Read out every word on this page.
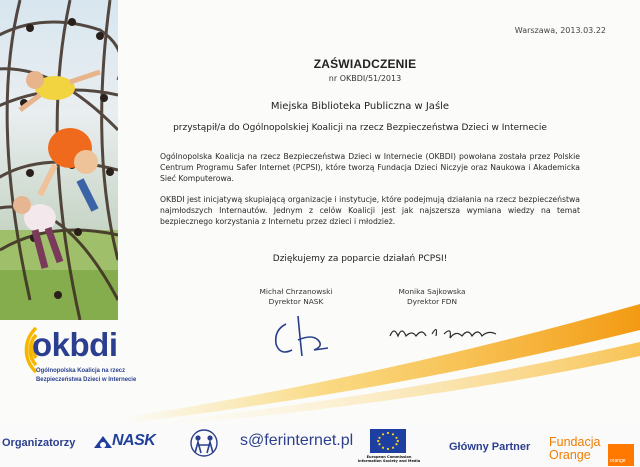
okbdi
Ogólnopolska Koalicja na rzecz
Bezpieczeństwa Dzieci w Internecie
Warszawa, 2013.03.22
ZAŚWIADCZENIE
nr OKBDI/51/2013
Miejska Biblioteka Publiczna w Jaśle
przystąpił/a do Ogólnopolskiej Koalicji na rzecz Bezpieczeństwa Dzieci w Internecie
Ogólnopolska Koalicja na rzecz Bezpieczeństwa Dzieci w Internecie (OKBDI) powołana została przez Polskie Centrum Programu Safer Internet (PCPSI), które tworzą Fundacja Dzieci Niczyje oraz Naukowa i Akademicka Sieć Komputerowa.
OKBDI jest inicjatywą skupiającą organizacje i instytucje, które podejmują działania na rzecz bezpieczeństwa najmłodszych Internautów. Jednym z celów Koalicji jest jak najszersza wymiana wiedzy na temat bezpiecznego korzystania z Internetu przez dzieci i młodzież.
Dziękujemy za poparcie działań PCPSI!
Michał Chrzanowski
Dyrektor NASK
Monika Sajkowska
Dyrektor FDN
Organizatorzy NASK	s@ferinternet.pl
European Commission
Information Society and Media
Główny Partner Fundacja
Orange	orange
